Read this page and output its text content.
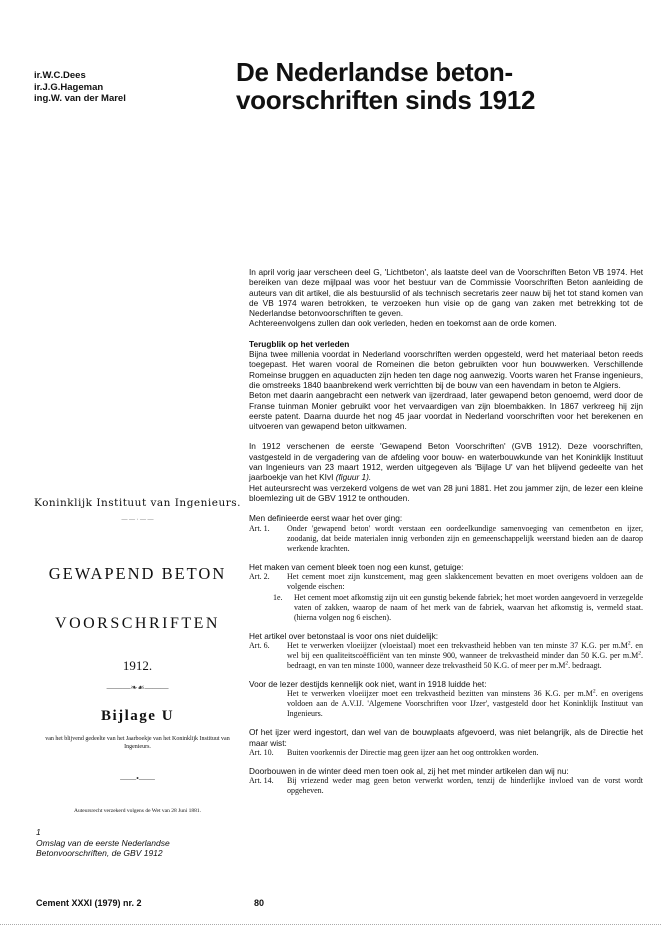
ir.W.C.Dees
ir.J.G.Hageman
ing.W. van der Marel
De Nederlandse beton-
voorschriften sinds 1912

In april vorig jaar verscheen deel G, 'Lichtbeton', als laatste deel van de Voorschriften Beton VB 1974. Het bereiken van deze mijlpaal was voor het bestuur van de Commissie Voorschriften Beton aanleiding de auteurs van dit artikel, die als bestuurslid of als technisch secretaris zeer nauw bij het tot stand komen van de VB 1974 waren betrokken, te verzoeken hun visie op de gang van zaken met betrekking tot de Nederlandse betonvoorschriften te geven.

Achtereenvolgens zullen dan ook verleden, heden en toekomst aan de orde komen.

Terugblik op het verleden

Bijna twee millenia voordat in Nederland voorschriften werden opgesteld, werd het materiaal beton reeds toegepast. Het waren vooral de Romeinen die beton gebruikten voor hun bouwwerken. Verschillende Romeinse bruggen en aquaducten zijn heden ten dage nog aanwezig. Voorts waren het Franse ingenieurs, die omstreeks 1840 baanbrekend werk verrichtten bij de bouw van een havendam in beton te Algiers.

Beton met daarin aangebracht een netwerk van ijzerdraad, later gewapend beton genoemd, werd door de Franse tuinman Monier gebruikt voor het vervaardigen van zijn bloembakken. In 1867 verkreeg hij zijn eerste patent. Daarna duurde het nog 45 jaar voordat in Nederland voorschriften voor het berekenen en uitvoeren van gewapend beton uitkwamen.

In 1912 verschenen de eerste 'Gewapend Beton Voorschriften' (GVB 1912). Deze voorschriften, vastgesteld in de vergadering van de afdeling voor bouw- en waterbouwkunde van het Koninklijk Instituut van Ingenieurs van 23 maart 1912, werden uitgegeven als 'Bijlage U' van het blijvend gedeelte van het jaarboekje van het KIvI (figuur 1).

Het auteursrecht was verzekerd volgens de wet van 28 juni 1881. Het zou jammer zijn, de lezer een kleine bloemlezing uit de GBV 1912 te onthouden.

Men definieerde eerst waar het over ging:

Art. 1. Onder 'gewapend beton' wordt verstaan een oordeelkundige samenvoeging van cementbeton en ijzer, zoodanig, dat beide materialen innig verbonden zijn en gemeenschappelijk weerstand bieden aan de daarop werkende krachten.

Het maken van cement bleek toen nog een kunst, getuige:

Art. 2. Het cement moet zijn kunstcement, mag geen slakkencement bevatten en moet overigens voldoen aan de volgende eischen:
1e. Het cement moet afkomstig zijn uit een gunstig bekende fabriek; het moet worden aangevoerd in verzegelde vaten of zakken, waarop de naam of het merk van de fabriek, waarvan het afkomstig is, vermeld staat. (hierna volgen nog 6 eischen).

Het artikel over betonstaal is voor ons niet duidelijk:

Art. 6. Het te verwerken vloeiijzer (vloeistaal) moet een trekvastheid hebben van ten minste 37 K.G. per $m.M^2$. en wel bij een qualiteitscoëfficiënt van ten minste 900, wanneer de trekvastheid minder dan 50 K.G. per $m.M^2$. bedraagt, en van ten minste 1000, wanneer deze trekvastheid 50 K.G. of meer per $m.M^2$. bedraagt.

Voor de lezer destijds kennelijk ook niet, want in 1918 luidde het:

Het te verwerken vloeiijzer moet een trekvastheid bezitten van minstens 36 K.G. per $m.M^2$. en overigens voldoen aan de A.V.IJ. 'Algemene Voorschriften voor IJzer', vastgesteld door het Koninklijk Instituut van Ingenieurs.

Of het ijzer werd ingestort, dan wel van de bouwplaats afgevoerd, was niet belangrijk, als de Directie het maar wist:

Art. 10. Buiten voorkennis der Directie mag geen ijzer aan het oog onttrokken worden.

Doorbouwen in de winter deed men toen ook al, zij het met minder artikelen dan wij nu:

Art. 14. Bij vriezend weder mag geen beton verwerkt worden, tenzij de hinderlijke invloed van de vorst wordt opgeheven.
Koninklijk Instituut van Ingenieurs.
— — · — —
GEWAPEND BETON
VOORSCHRIFTEN
1912.
———❧☙———
Bijlage U
van het blijvend gedeelte van het Jaarboekje van het Koninklijk Instituut van Ingenieurs.
——•——
Auteursrecht verzekerd volgens de Wet van 28 Juni 1881.
1
Omslag van de eerste Nederlandse
Betonvoorschriften, de GBV 1912
Cement XXXI (1979) nr. 2	80
